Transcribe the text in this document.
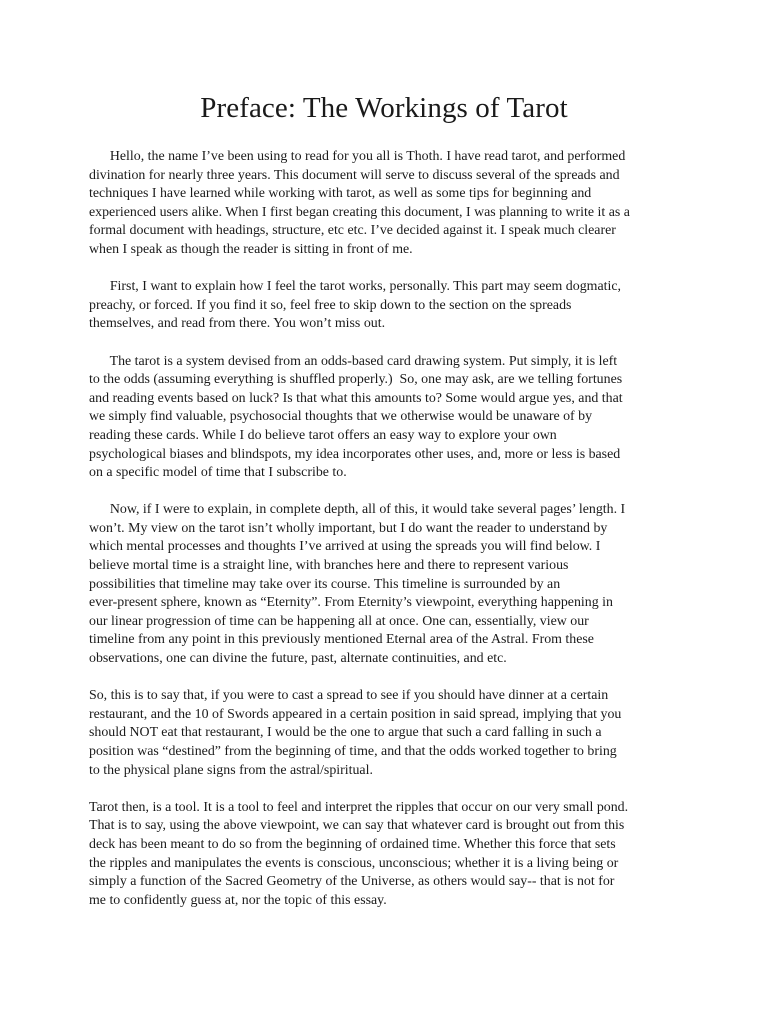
Preface: The Workings of Tarot

Hello, the name I’ve been using to read for you all is Thoth. I have read tarot, and performed
divination for nearly three years. This document will serve to discuss several of the spreads and
techniques I have learned while working with tarot, as well as some tips for beginning and
experienced users alike. When I first began creating this document, I was planning to write it as a
formal document with headings, structure, etc etc. I’ve decided against it. I speak much clearer
when I speak as though the reader is sitting in front of me.

First, I want to explain how I feel the tarot works, personally. This part may seem dogmatic,
preachy, or forced. If you find it so, feel free to skip down to the section on the spreads
themselves, and read from there. You won’t miss out.

The tarot is a system devised from an odds-based card drawing system. Put simply, it is left
to the odds (assuming everything is shuffled properly.)  So, one may ask, are we telling fortunes
and reading events based on luck? Is that what this amounts to? Some would argue yes, and that
we simply find valuable, psychosocial thoughts that we otherwise would be unaware of by
reading these cards. While I do believe tarot offers an easy way to explore your own
psychological biases and blindspots, my idea incorporates other uses, and, more or less is based
on a specific model of time that I subscribe to.

Now, if I were to explain, in complete depth, all of this, it would take several pages’ length. I
won’t. My view on the tarot isn’t wholly important, but I do want the reader to understand by
which mental processes and thoughts I’ve arrived at using the spreads you will find below. I
believe mortal time is a straight line, with branches here and there to represent various
possibilities that timeline may take over its course. This timeline is surrounded by an
ever-present sphere, known as “Eternity”. From Eternity’s viewpoint, everything happening in
our linear progression of time can be happening all at once. One can, essentially, view our
timeline from any point in this previously mentioned Eternal area of the Astral. From these
observations, one can divine the future, past, alternate continuities, and etc.

So, this is to say that, if you were to cast a spread to see if you should have dinner at a certain
restaurant, and the 10 of Swords appeared in a certain position in said spread, implying that you
should NOT eat that restaurant, I would be the one to argue that such a card falling in such a
position was “destined” from the beginning of time, and that the odds worked together to bring
to the physical plane signs from the astral/spiritual.

Tarot then, is a tool. It is a tool to feel and interpret the ripples that occur on our very small pond.
That is to say, using the above viewpoint, we can say that whatever card is brought out from this
deck has been meant to do so from the beginning of ordained time. Whether this force that sets
the ripples and manipulates the events is conscious, unconscious; whether it is a living being or
simply a function of the Sacred Geometry of the Universe, as others would say-- that is not for
me to confidently guess at, nor the topic of this essay.
